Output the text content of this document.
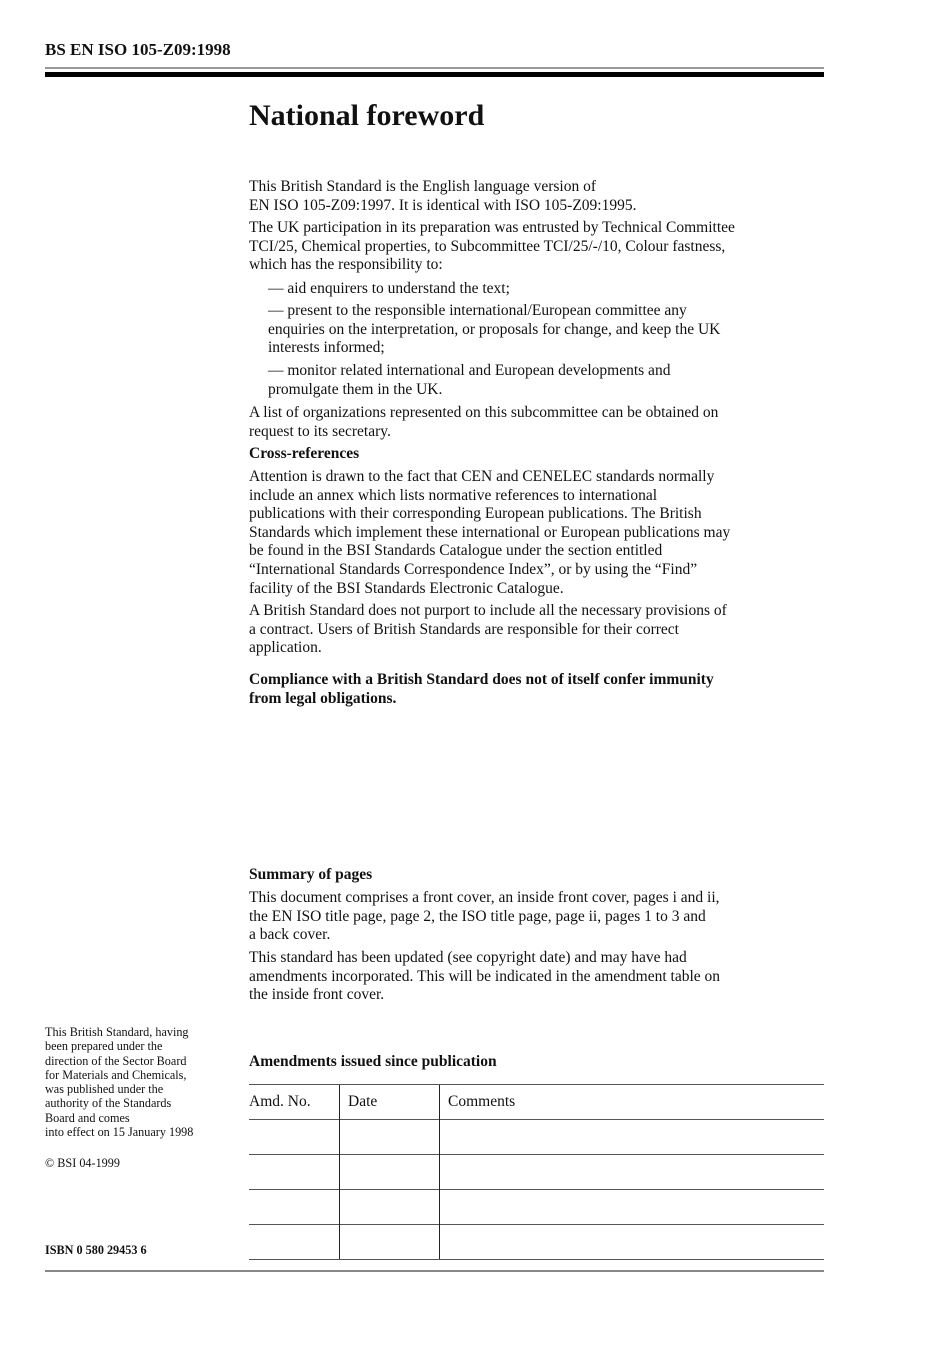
BS EN ISO 105-Z09:1998
National foreword
This British Standard is the English language version of
EN ISO 105-Z09:1997. It is identical with ISO 105-Z09:1995.
The UK participation in its preparation was entrusted by Technical Committee
TCI/25, Chemical properties, to Subcommittee TCI/25/-/10, Colour fastness,
which has the responsibility to:
— aid enquirers to understand the text;
— present to the responsible international/European committee any
enquiries on the interpretation, or proposals for change, and keep the UK
interests informed;
— monitor related international and European developments and
promulgate them in the UK.
A list of organizations represented on this subcommittee can be obtained on
request to its secretary.
Cross-references
Attention is drawn to the fact that CEN and CENELEC standards normally
include an annex which lists normative references to international
publications with their corresponding European publications. The British
Standards which implement these international or European publications may
be found in the BSI Standards Catalogue under the section entitled
“International Standards Correspondence Index”, or by using the “Find”
facility of the BSI Standards Electronic Catalogue.
A British Standard does not purport to include all the necessary provisions of
a contract. Users of British Standards are responsible for their correct
application.
Compliance with a British Standard does not of itself confer immunity
from legal obligations.
Summary of pages
This document comprises a front cover, an inside front cover, pages i and ii,
the EN ISO title page, page 2, the ISO title page, page ii, pages 1 to 3 and
a back cover.
This standard has been updated (see copyright date) and may have had
amendments incorporated. This will be indicated in the amendment table on
the inside front cover.
This British Standard, having
been prepared under the
direction of the Sector Board
for Materials and Chemicals,
was published under the
authority of the Standards
Board and comes
into effect on 15 January 1998
© BSI 04-1999
ISBN 0 580 29453 6
Amendments issued since publication
Amd. No.	Date	Comments
